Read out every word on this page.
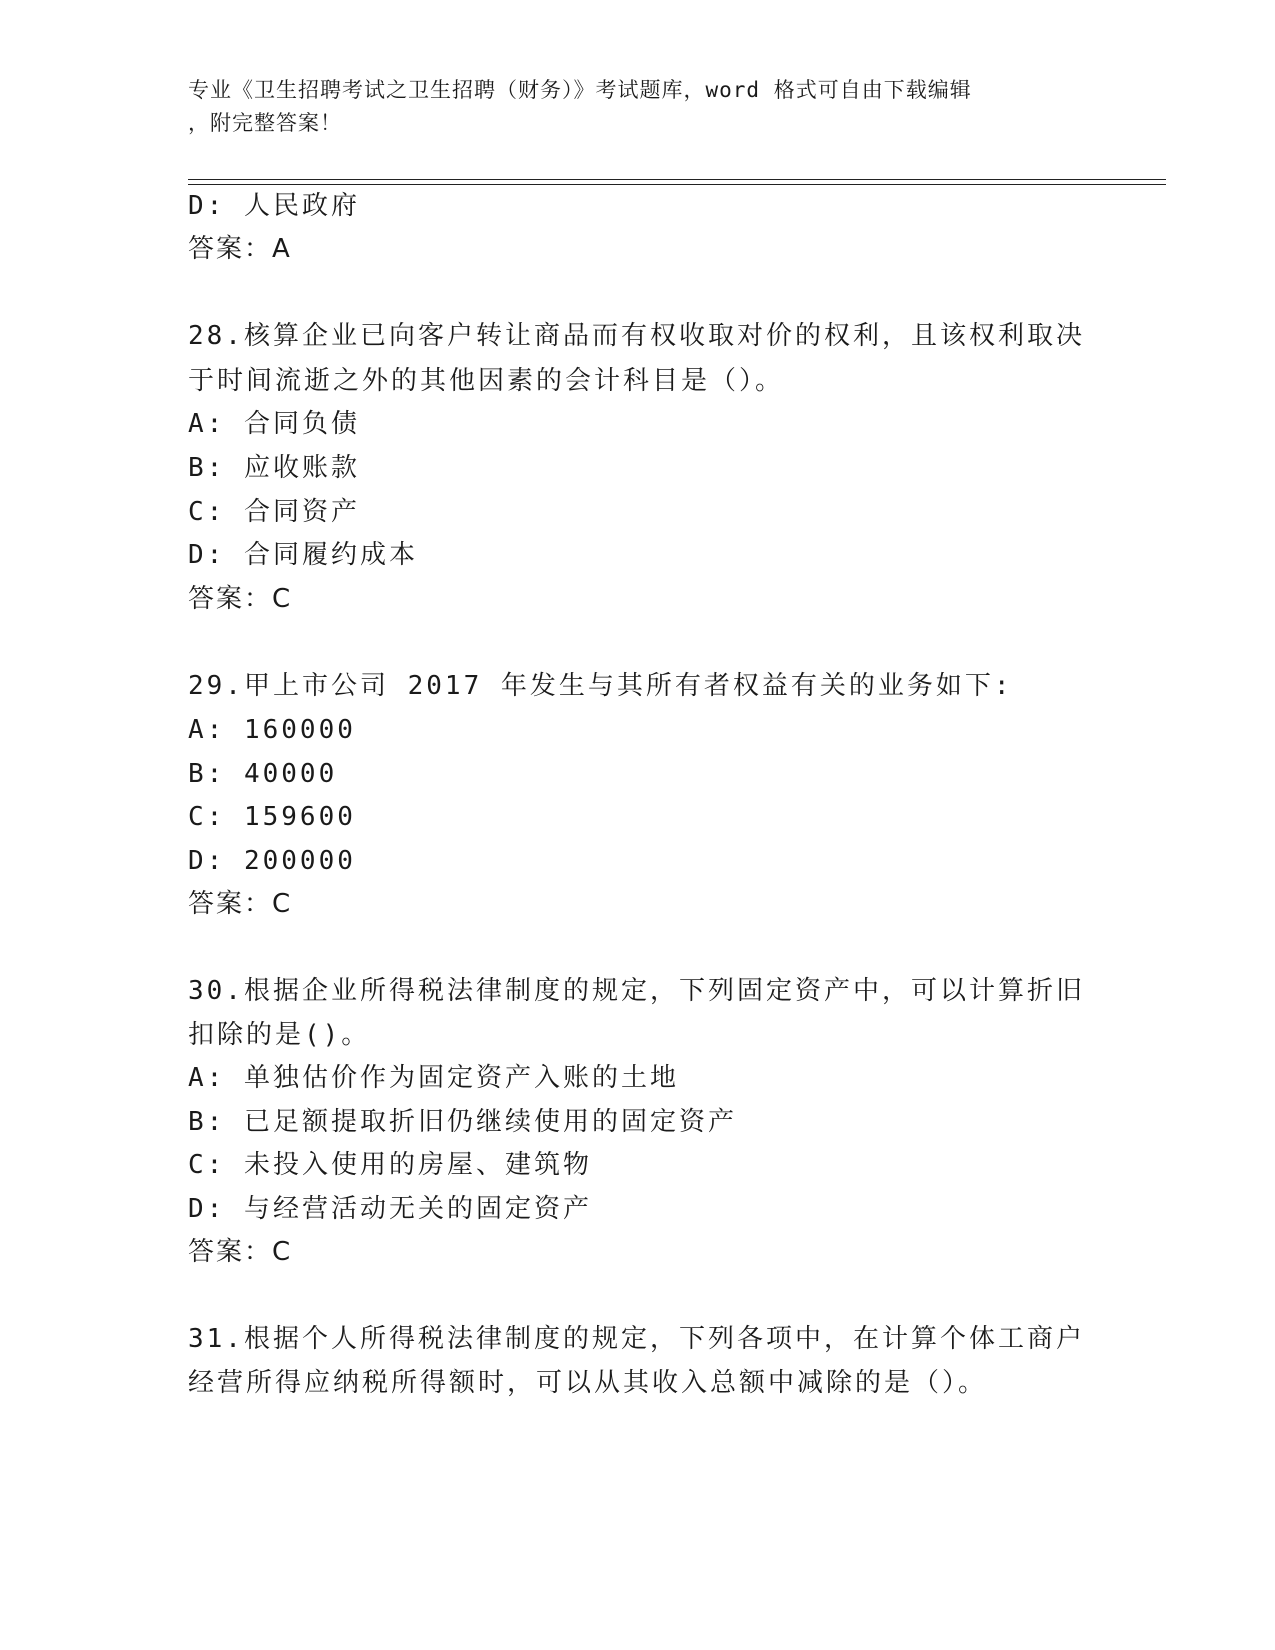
专业《卫生招聘考试之卫生招聘（财务）》考试题库，word 格式可自由下载编辑
，附完整答案！
D: 人民政府
答案：A
28.核算企业已向客户转让商品而有权收取对价的权利，且该权利取决
于时间流逝之外的其他因素的会计科目是（）。
A: 合同负债
B: 应收账款
C: 合同资产
D: 合同履约成本
答案：C
29.甲上市公司 2017 年发生与其所有者权益有关的业务如下:
A: 160000
B: 40000
C: 159600
D: 200000
答案：C
30.根据企业所得税法律制度的规定，下列固定资产中，可以计算折旧
扣除的是()。
A: 单独估价作为固定资产入账的土地
B: 已足额提取折旧仍继续使用的固定资产
C: 未投入使用的房屋、建筑物
D: 与经营活动无关的固定资产
答案：C
31.根据个人所得税法律制度的规定，下列各项中，在计算个体工商户
经营所得应纳税所得额时，可以从其收入总额中减除的是（）。
